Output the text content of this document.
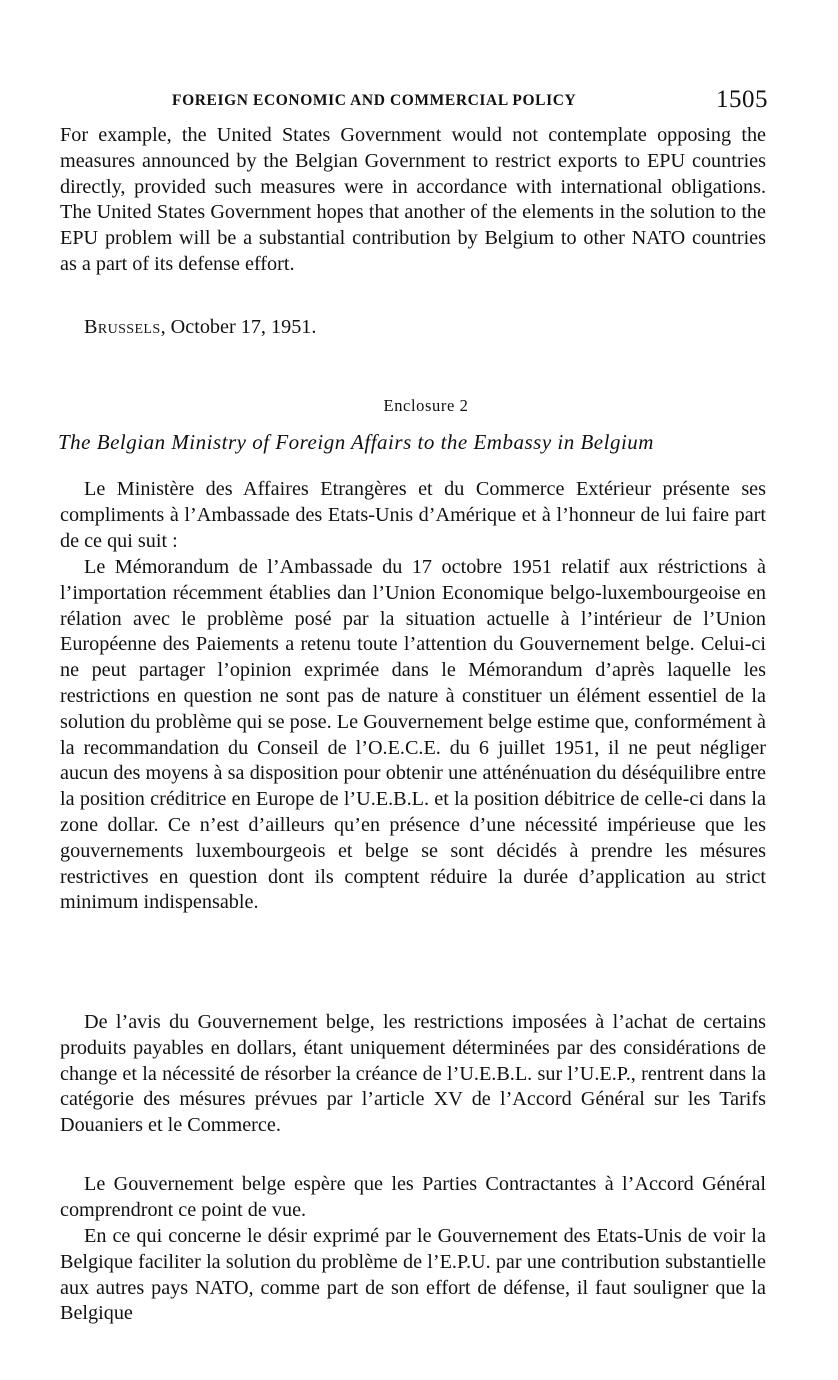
FOREIGN ECONOMIC AND COMMERCIAL POLICY	1505

For example, the United States Government would not contemplate opposing the measures announced by the Belgian Government to restrict exports to EPU countries directly, provided such measures were in accordance with international obligations. The United States Government hopes that another of the elements in the solution to the EPU problem will be a substantial contribution by Belgium to other NATO countries as a part of its defense effort.

Brussels, October 17, 1951.
Enclosure 2
The Belgian Ministry of Foreign Affairs to the Embassy in Belgium

Le Ministère des Affaires Etrangères et du Commerce Extérieur présente ses compliments à l’Ambassade des Etats-Unis d’Amérique et à l’honneur de lui faire part de ce qui suit :

Le Mémorandum de l’Ambassade du 17 octobre 1951 relatif aux réstrictions à l’importation récemment établies dan l’Union Economique belgo-luxembourgeoise en rélation avec le problème posé par la situation actuelle à l’intérieur de l’Union Européenne des Paiements a retenu toute l’attention du Gouvernement belge. Celui-ci ne peut partager l’opinion exprimée dans le Mémorandum d’après laquelle les restrictions en question ne sont pas de nature à constituer un élément essentiel de la solution du problème qui se pose. Le Gouvernement belge estime que, conformément à la recommandation du Conseil de l’O.E.C.E. du 6 juillet 1951, il ne peut négliger aucun des moyens à sa disposition pour obtenir une atténénuation du déséquilibre entre la position créditrice en Europe de l’U.E.B.L. et la position débitrice de celle-ci dans la zone dollar. Ce n’est d’ailleurs qu’en présence d’une nécessité impérieuse que les gouvernements luxembourgeois et belge se sont décidés à prendre les mésures restrictives en question dont ils comptent réduire la durée d’application au strict minimum indispensable.

De l’avis du Gouvernement belge, les restrictions imposées à l’achat de certains produits payables en dollars, étant uniquement déterminées par des considérations de change et la nécessité de résorber la créance de l’U.E.B.L. sur l’U.E.P., rentrent dans la catégorie des mésures prévues par l’article XV de l’Accord Général sur les Tarifs Douaniers et le Commerce.

Le Gouvernement belge espère que les Parties Contractantes à l’Accord Général comprendront ce point de vue.

En ce qui concerne le désir exprimé par le Gouvernement des Etats-Unis de voir la Belgique faciliter la solution du problème de l’E.P.U. par une contribution substantielle aux autres pays NATO, comme part de son effort de défense, il faut souligner que la Belgique
